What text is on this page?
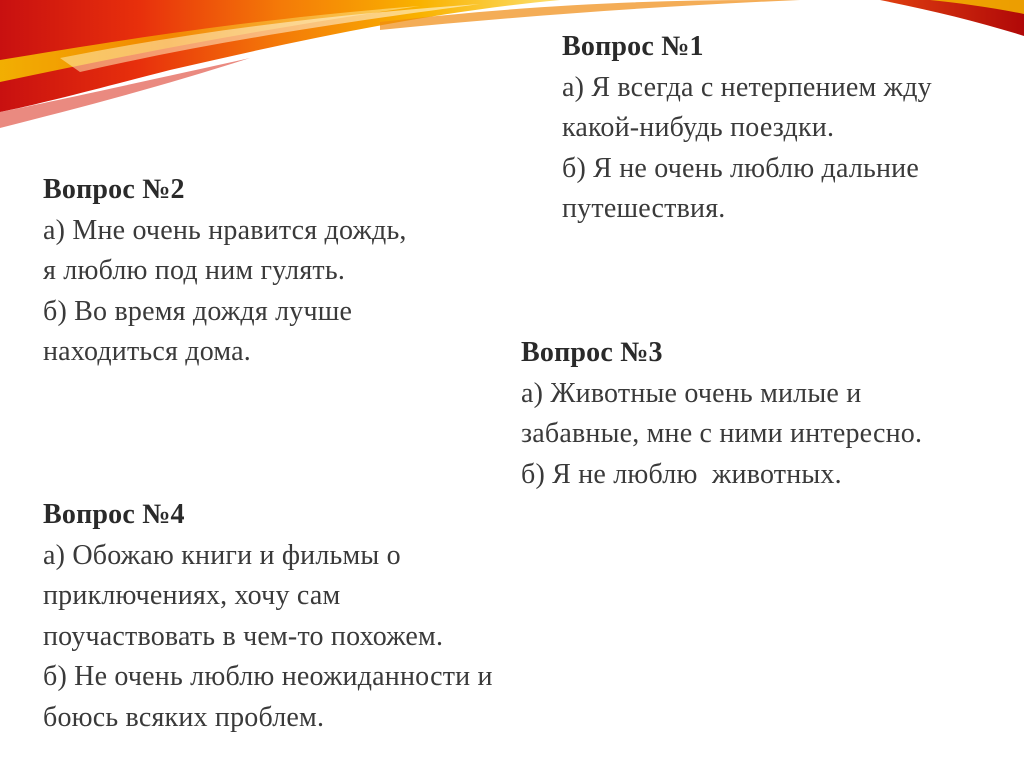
Вопрос №1
а) Я всегда с нетерпением жду
какой-нибудь поездки.
б) Я не очень люблю дальние
путешествия.
Вопрос №2
а) Мне очень нравится дождь,
я люблю под ним гулять.
б) Во время дождя лучше
находиться дома.	Вопрос №3
а) Животные очень милые и
забавные, мне с ними интересно.
б) Я не люблю  животных.
Вопрос №4
а) Обожаю книги и фильмы о
приключениях, хочу сам
поучаствовать в чем-то похожем.
б) Не очень люблю неожиданности и
боюсь всяких проблем.
